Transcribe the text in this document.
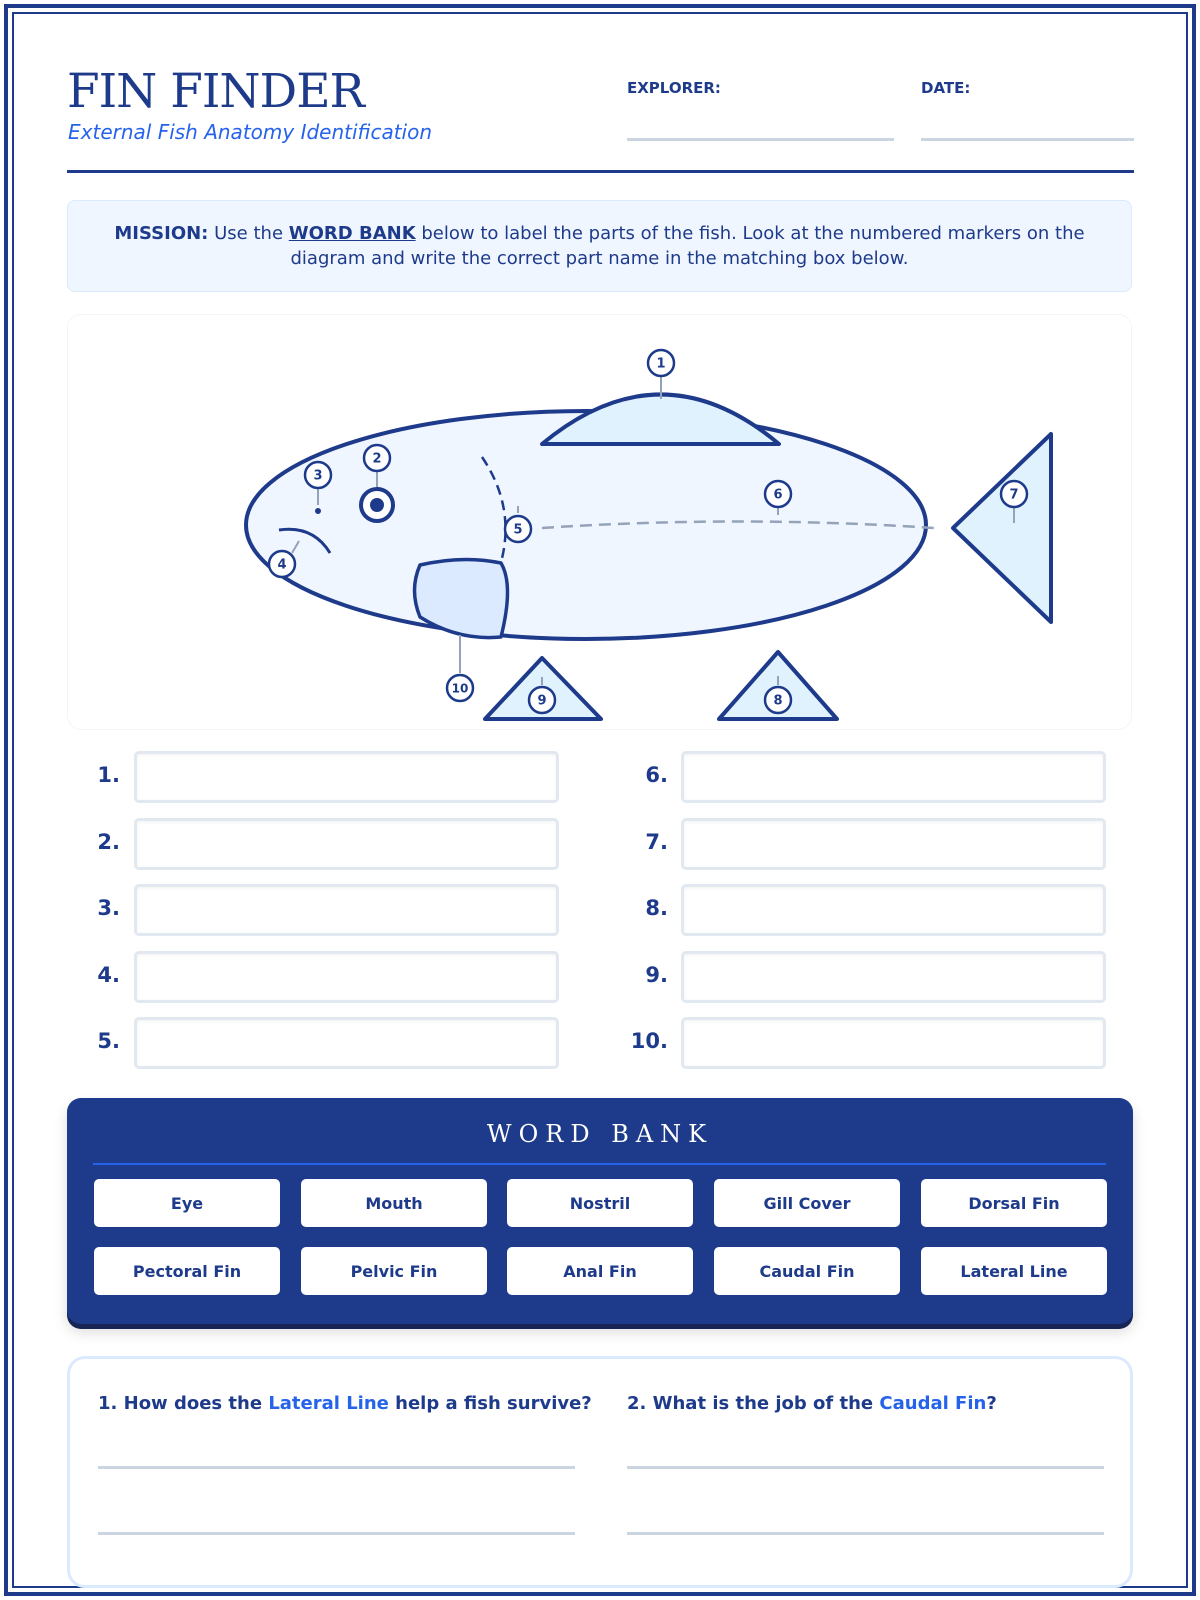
FIN FINDER
External Fish Anatomy Identification
EXPLORER:	DATE:

MISSION: Use the WORD BANK below to label the parts of the fish. Look at the numbered markers on the diagram and write the correct part name in the matching box below.

1
2
3
4
5
6	7
8
9
10
1.
2.
3.
4.
5.
6.
7.
8.
9.
10.
WORD BANK
Eye	Mouth	Nostril	Gill Cover	Dorsal Fin
Pectoral Fin	Pelvic Fin	Anal Fin	Caudal Fin	Lateral Line
1. How does the Lateral Line help a fish survive? 2. What is the job of the Caudal Fin?
